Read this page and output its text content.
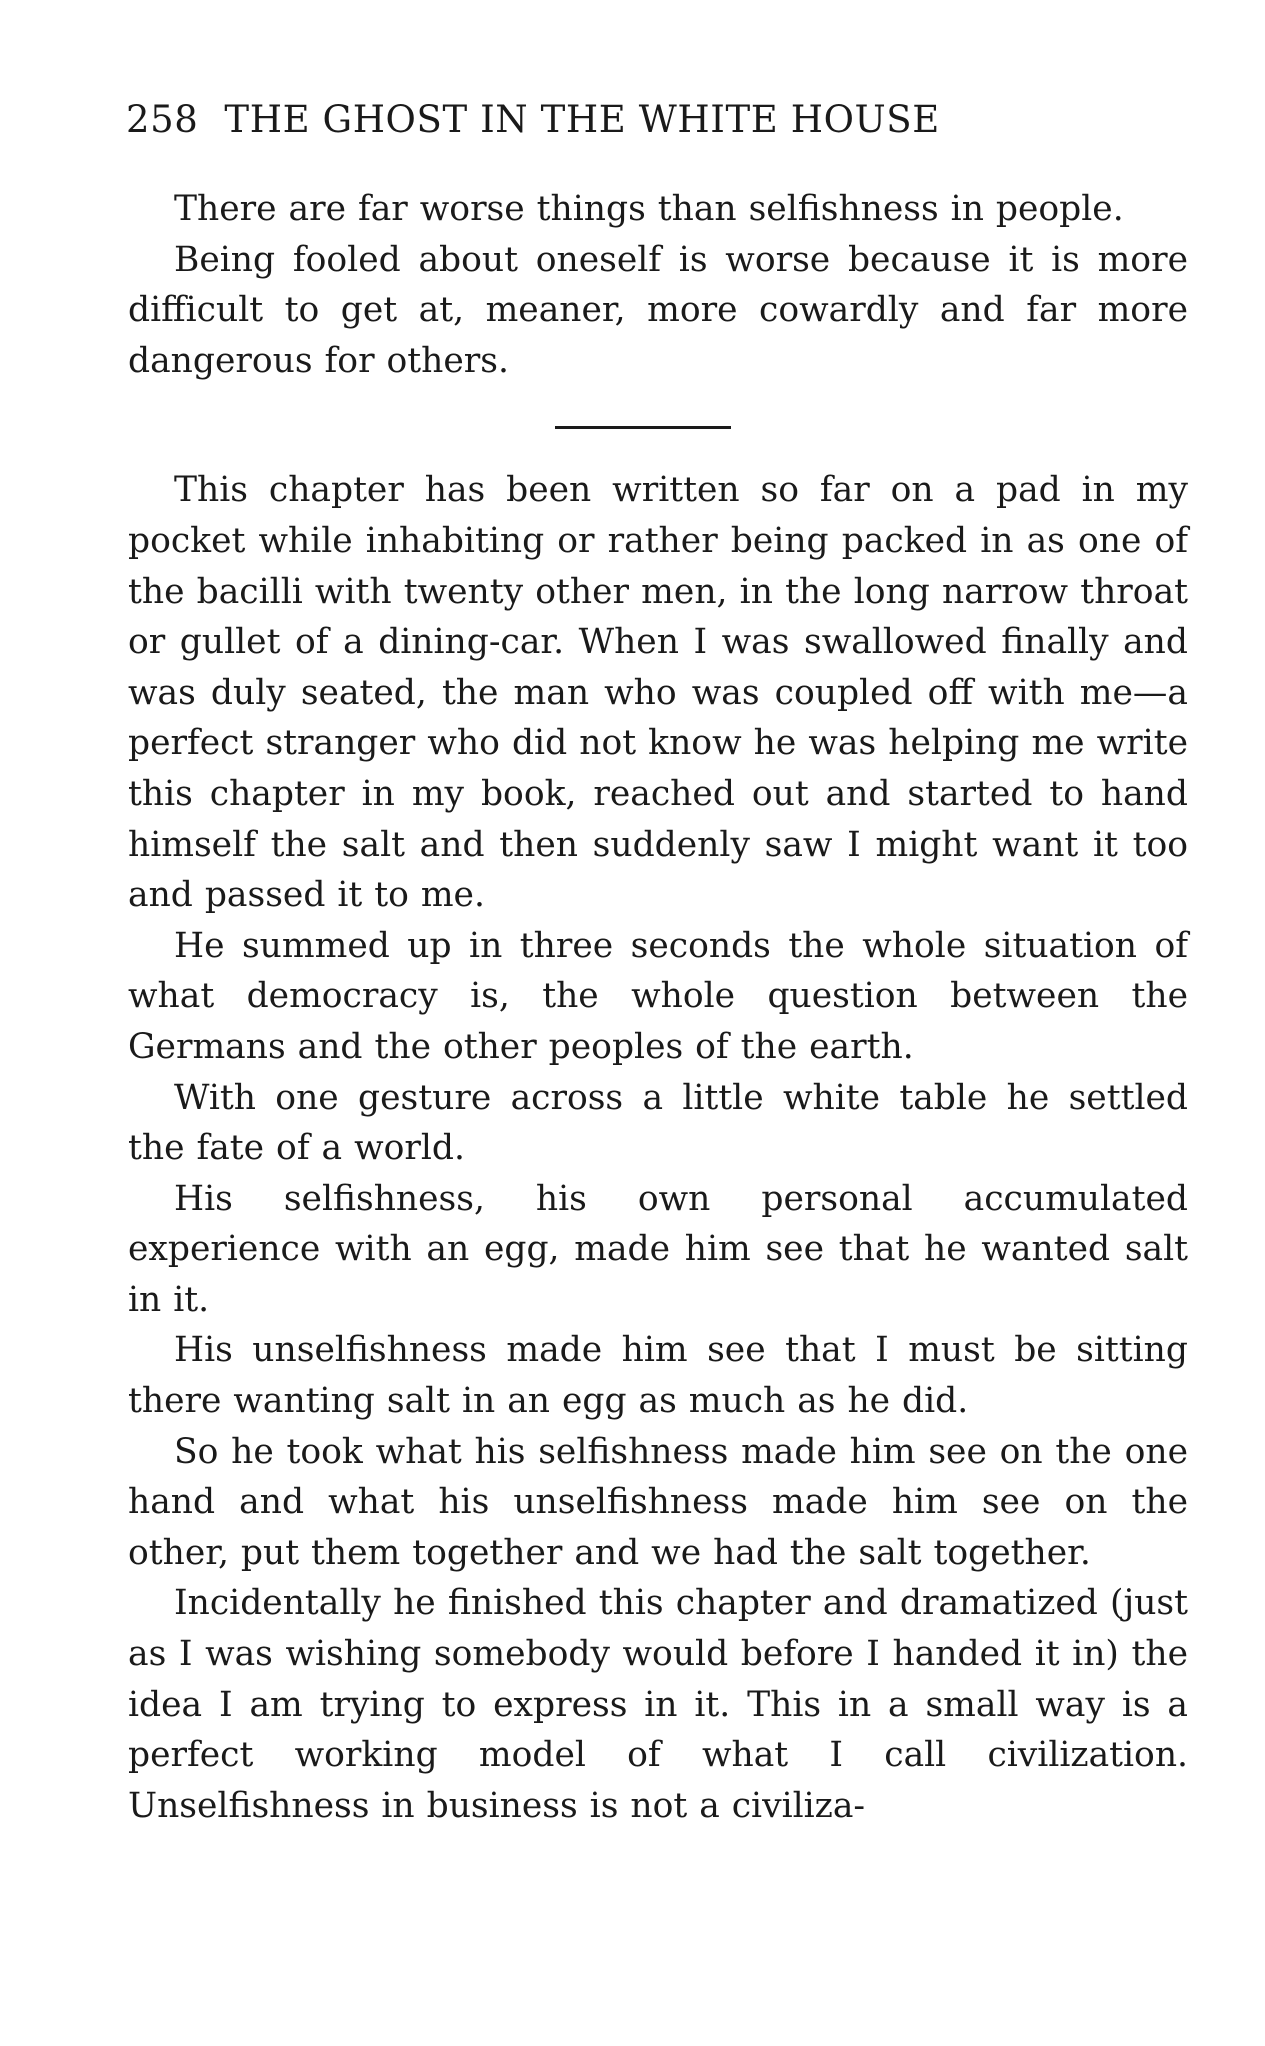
258 THE GHOST IN THE WHITE HOUSE

There are far worse things than selfishness in people.

Being fooled about oneself is worse because it is more difficult to get at, meaner, more cowardly and far more dangerous for others.

This chapter has been written so far on a pad in my pocket while inhabiting or rather being packed in as one of the bacilli with twenty other men, in the long narrow throat or gullet of a dining-car. When I was swallowed finally and was duly seated, the man who was coupled off with me—a perfect stranger who did not know he was helping me write this chapter in my book, reached out and started to hand himself the salt and then suddenly saw I might want it too and passed it to me.

He summed up in three seconds the whole situation of what democracy is, the whole question between the Germans and the other peoples of the earth.

With one gesture across a little white table he settled the fate of a world.

His selfishness, his own personal accumulated experience with an egg, made him see that he wanted salt in it.

His unselfishness made him see that I must be sitting there wanting salt in an egg as much as he did.

So he took what his selfishness made him see on the one hand and what his unselfishness made him see on the other, put them together and we had the salt together.

Incidentally he finished this chapter and dramatized (just as I was wishing somebody would before I handed it in) the idea I am trying to express in it. This in a small way is a perfect working model of what I call civilization. Unselfishness in business is not a civiliza-
